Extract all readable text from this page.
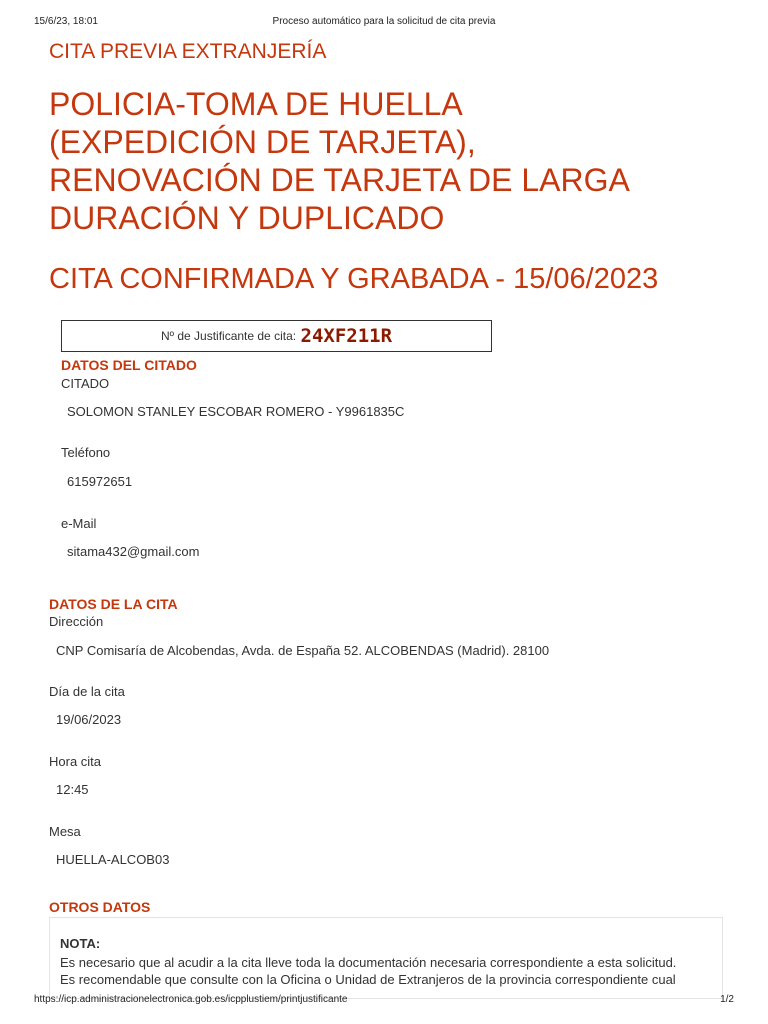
15/6/23, 18:01	Proceso automático para la solicitud de cita previa
CITA PREVIA EXTRANJERÍA
POLICIA-TOMA DE HUELLA
(EXPEDICIÓN DE TARJETA),
RENOVACIÓN DE TARJETA DE LARGA
DURACIÓN Y DUPLICADO
CITA CONFIRMADA Y GRABADA - 15/06/2023
Nº de Justificante de cita: 24XF211R
DATOS DEL CITADO
CITADO
SOLOMON STANLEY ESCOBAR ROMERO - Y9961835C
Teléfono
615972651
e-Mail
sitama432@gmail.com
DATOS DE LA CITA
Dirección
CNP Comisaría de Alcobendas, Avda. de España 52. ALCOBENDAS (Madrid). 28100
Día de la cita
19/06/2023
Hora cita
12:45
Mesa
HUELLA-ALCOB03
OTROS DATOS
NOTA:
Es necesario que al acudir a la cita lleve toda la documentación necesaria correspondiente a esta solicitud.
Es recomendable que consulte con la Oficina o Unidad de Extranjeros de la provincia correspondiente cual
https://icp.administracionelectronica.gob.es/icpplustiem/printjustificante	1/2
